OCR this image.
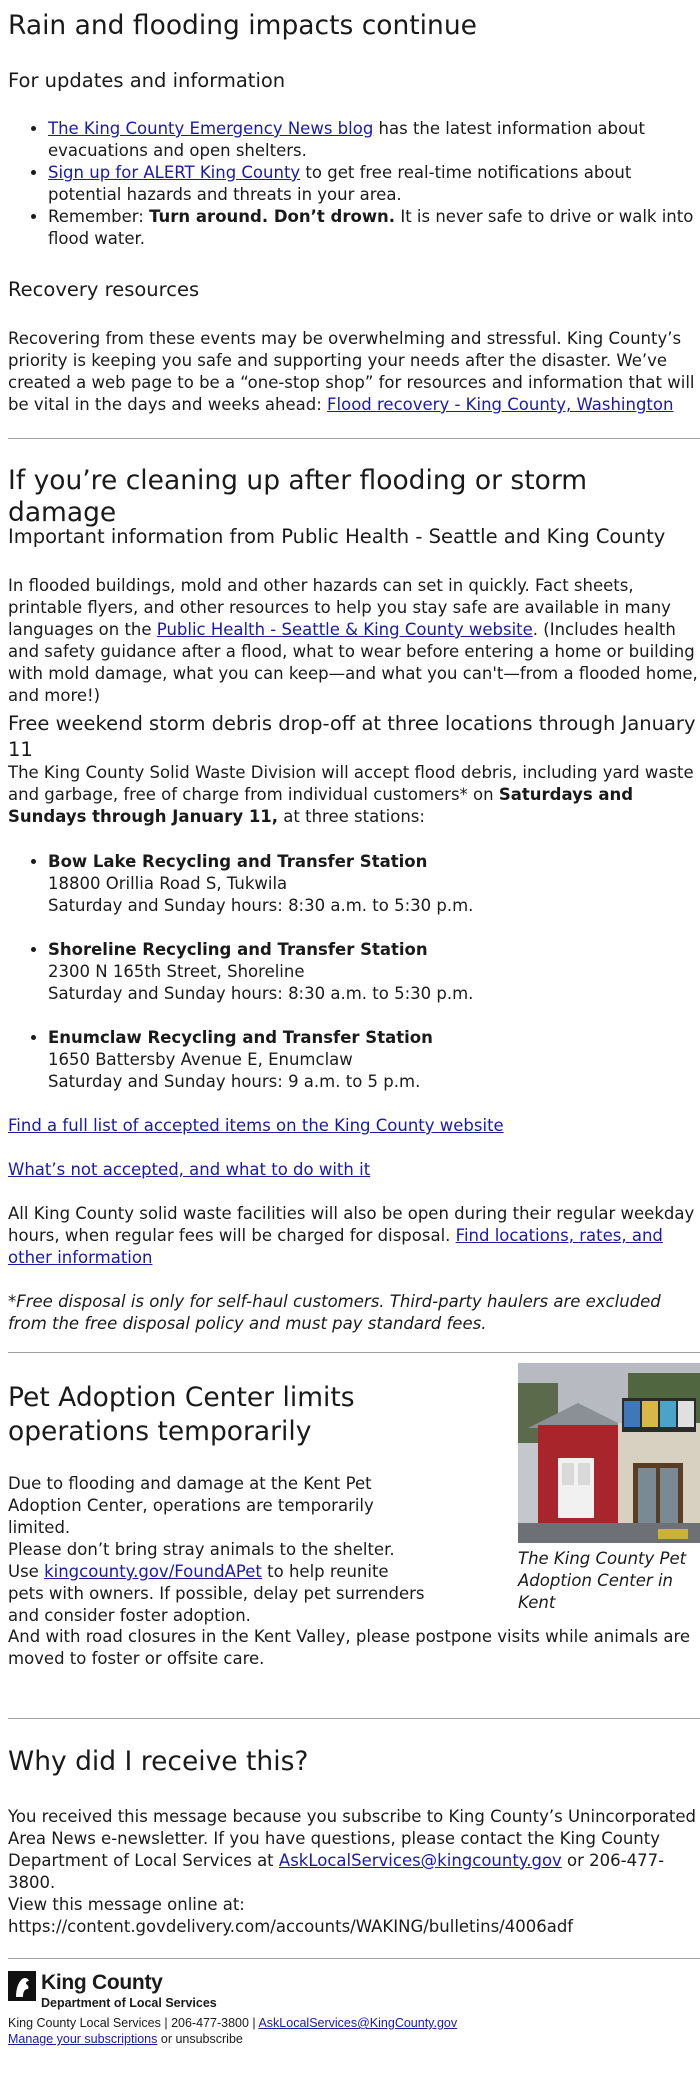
Rain and flooding impacts continue
For updates and information
• The King County Emergency News blog has the latest information about evacuations and open shelters.
• Sign up for ALERT King County to get free real-time notifications about potential hazards and threats in your area.
• Remember: Turn around. Don’t drown. It is never safe to drive or walk into flood water.
Recovery resources

Recovering from these events may be overwhelming and stressful. King County’s priority is keeping you safe and supporting your needs after the disaster. We’ve created a web page to be a “one-stop shop” for resources and information that will be vital in the days and weeks ahead: Flood recovery - King County, Washington

If you’re cleaning up after flooding or storm damage
Important information from Public Health - Seattle and King County

In flooded buildings, mold and other hazards can set in quickly. Fact sheets, printable flyers, and other resources to help you stay safe are available in many languages on the Public Health - Seattle & King County website. (Includes health and safety guidance after a flood, what to wear before entering a home or building with mold damage, what you can keep—and what you can't—from a flooded home, and more!)

Free weekend storm debris drop-off at three locations through January 11

The King County Solid Waste Division will accept flood debris, including yard waste and garbage, free of charge from individual customers* on Saturdays and Sundays through January 11, at three stations:

• Bow Lake Recycling and Transfer Station
18800 Orillia Road S, Tukwila
Saturday and Sunday hours: 8:30 a.m. to 5:30 p.m.
• Shoreline Recycling and Transfer Station
2300 N 165th Street, Shoreline
Saturday and Sunday hours: 8:30 a.m. to 5:30 p.m.
• Enumclaw Recycling and Transfer Station
1650 Battersby Avenue E, Enumclaw
Saturday and Sunday hours: 9 a.m. to 5 p.m.

Find a full list of accepted items on the King County website

What’s not accepted, and what to do with it

All King County solid waste facilities will also be open during their regular weekday hours, when regular fees will be charged for disposal. Find locations, rates, and other information

*Free disposal is only for self-haul customers. Third-party haulers are excluded from the free disposal policy and must pay standard fees.

Pet Adoption Center limits operations temporarily

Due to flooding and damage at the Kent Pet Adoption Center, operations are temporarily limited.

Please don’t bring stray animals to the shelter. Use kingcounty.gov/FoundAPet to help reunite pets with owners. If possible, delay pet surrenders and consider foster adoption.

The King County Pet Adoption Center in Kent

And with road closures in the Kent Valley, please postpone visits while animals are moved to foster or offsite care.

Why did I receive this?

You received this message because you subscribe to King County’s Unincorporated Area News e-newsletter. If you have questions, please contact the King County Department of Local Services at AskLocalServices@kingcounty.gov or 206-477-3800.

View this message online at:
https://content.govdelivery.com/accounts/WAKING/bulletins/4006adf

King County
Department of Local Services
King County Local Services | 206-477-3800 | AskLocalServices@KingCounty.gov
Manage your subscriptions or unsubscribe
